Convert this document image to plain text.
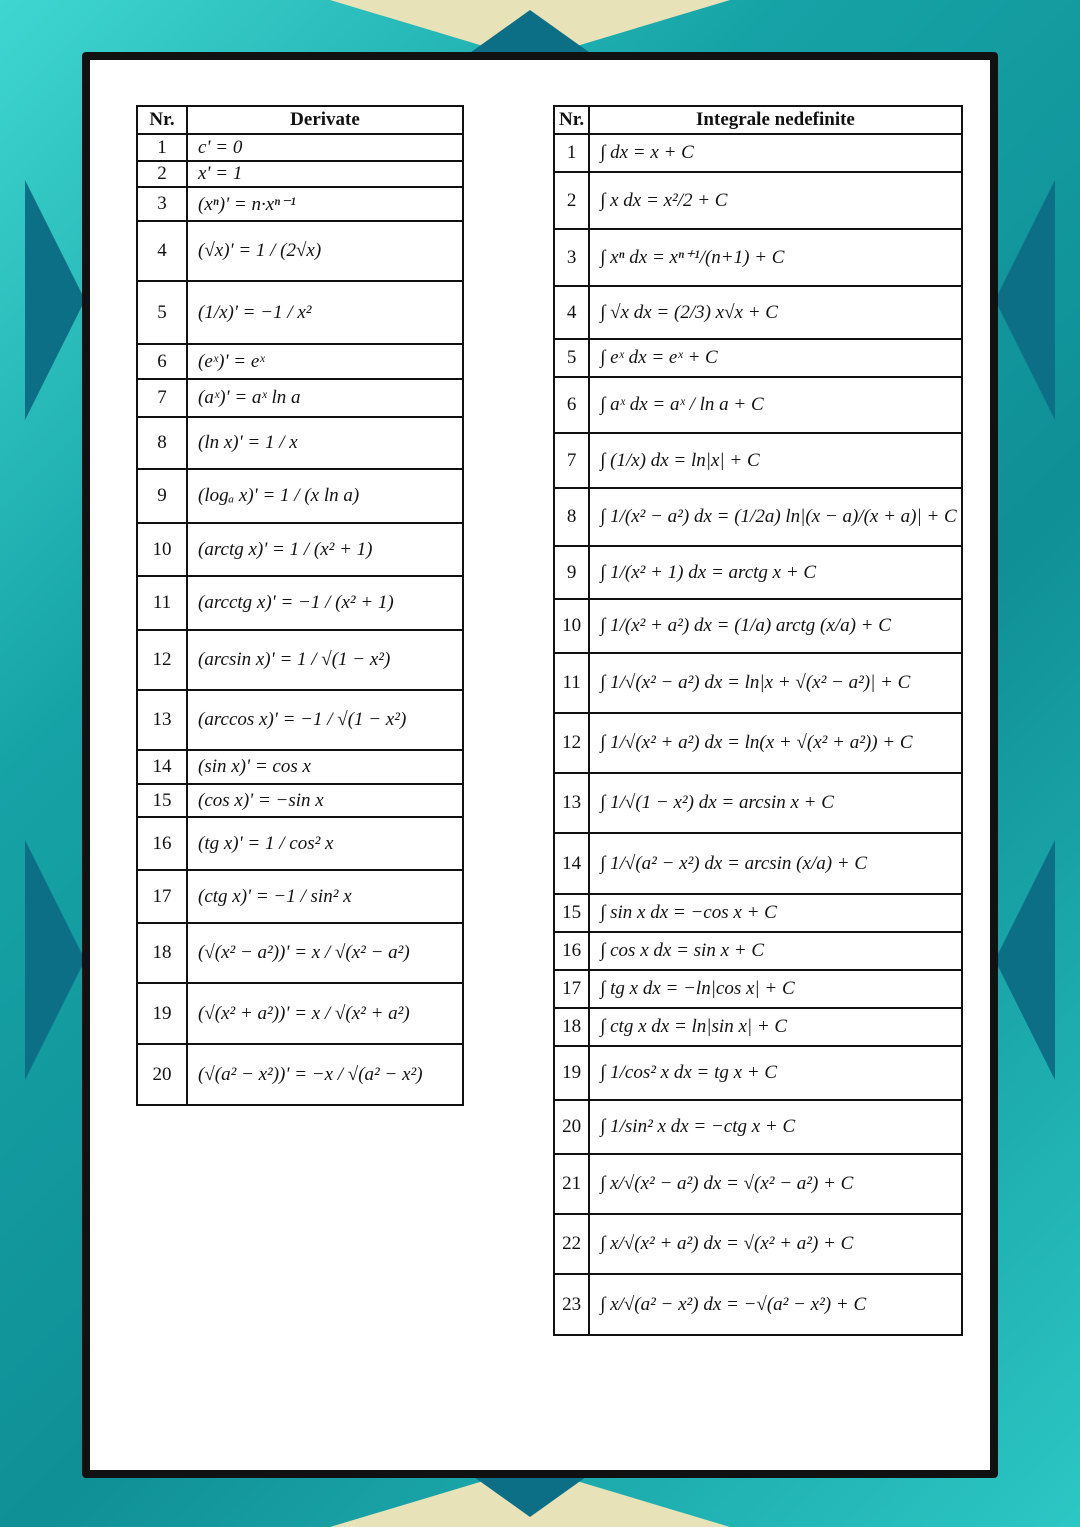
Nr.	Derivate
1	c' = 0
2	x' = 1
3	(xⁿ)' = n·xⁿ⁻¹
4	(√x)' = 1 / (2√x)
5	(1/x)' = −1 / x²
6	(eˣ)' = eˣ
7	(aˣ)' = aˣ ln a
8	(ln x)' = 1 / x
9	(logₐ x)' = 1 / (x ln a)
10	(arctg x)' = 1 / (x² + 1)
11	(arcctg x)' = −1 / (x² + 1)
12	(arcsin x)' = 1 / √(1 − x²)
13	(arccos x)' = −1 / √(1 − x²)
14	(sin x)' = cos x
15	(cos x)' = −sin x
16	(tg x)' = 1 / cos² x
17	(ctg x)' = −1 / sin² x
18	(√(x² − a²))' = x / √(x² − a²)
19	(√(x² + a²))' = x / √(x² + a²)
20	(√(a² − x²))' = −x / √(a² − x²)
Nr.	Integrale nedefinite
1	∫ dx = x + C
2	∫ x dx = x²/2 + C
3	∫ xⁿ dx = xⁿ⁺¹/(n+1) + C
4	∫ √x dx = (2/3) x√x + C
5	∫ eˣ dx = eˣ + C
6	∫ aˣ dx = aˣ / ln a + C
7	∫ (1/x) dx = ln|x| + C
8	∫ 1/(x² − a²) dx = (1/2a) ln|(x − a)/(x + a)| + C
9	∫ 1/(x² + 1) dx = arctg x + C
10	∫ 1/(x² + a²) dx = (1/a) arctg (x/a) + C
11	∫ 1/√(x² − a²) dx = ln|x + √(x² − a²)| + C
12	∫ 1/√(x² + a²) dx = ln(x + √(x² + a²)) + C
13	∫ 1/√(1 − x²) dx = arcsin x + C
14	∫ 1/√(a² − x²) dx = arcsin (x/a) + C
15	∫ sin x dx = −cos x + C
16	∫ cos x dx = sin x + C
17	∫ tg x dx = −ln|cos x| + C
18	∫ ctg x dx = ln|sin x| + C
19	∫ 1/cos² x dx = tg x + C
20	∫ 1/sin² x dx = −ctg x + C
21	∫ x/√(x² − a²) dx = √(x² − a²) + C
22	∫ x/√(x² + a²) dx = √(x² + a²) + C
23	∫ x/√(a² − x²) dx = −√(a² − x²) + C
